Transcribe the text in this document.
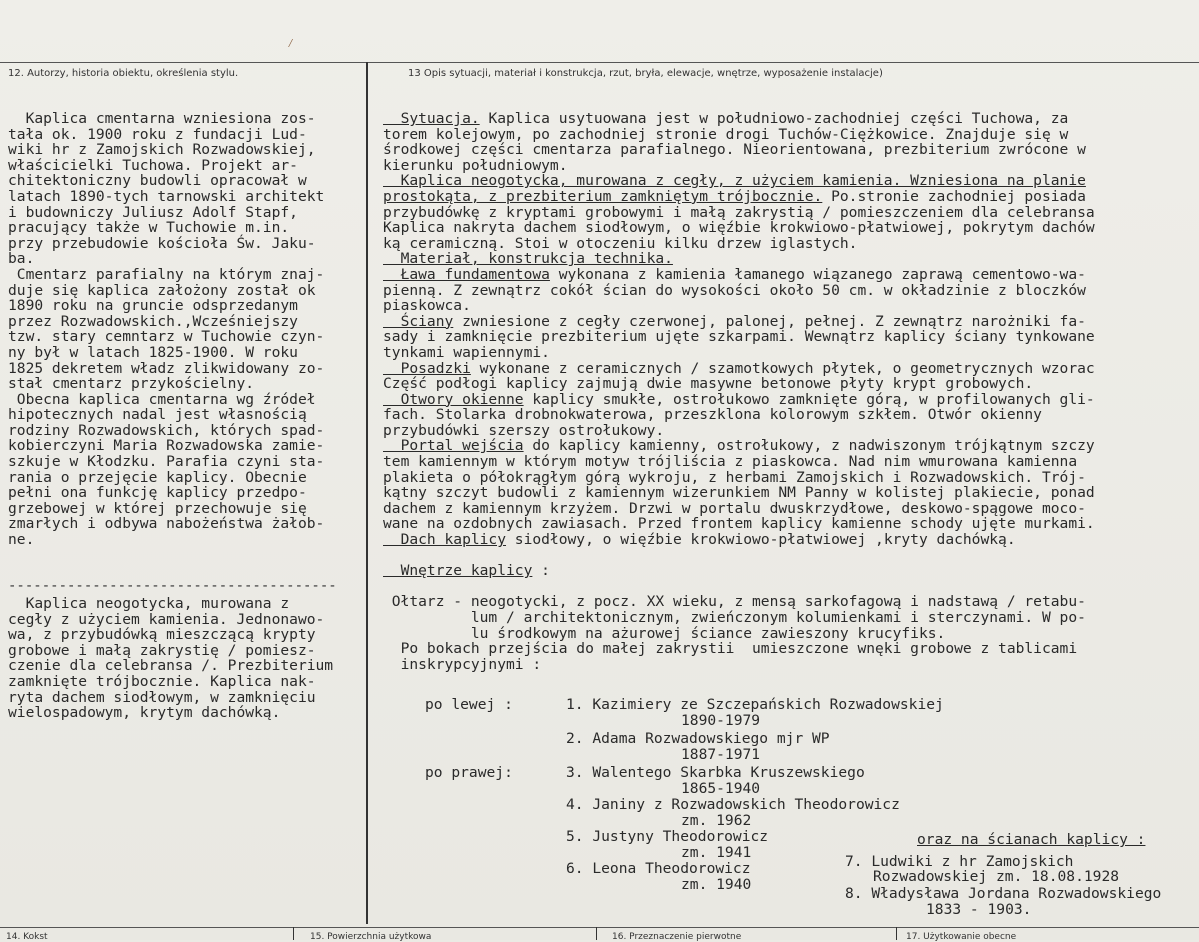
12. Autorzy, historia obiektu, określenia stylu.	13 Opis sytuacji, materiał i konstrukcja, rzut, bryła, elewacje, wnętrze, wyposażenie instalacje)
Kaplica cmentarna wzniesiona zos-
tała ok. 1900 roku z fundacji Lud-
wiki hr z Zamojskich Rozwadowskiej,
właścicielki Tuchowa. Projekt ar-
chitektoniczny budowli opracował w
latach 1890-tych tarnowski architekt
i budowniczy Juliusz Adolf Stapf,
pracujący także w Tuchowie m.in.
przy przebudowie kościoła Św. Jaku-
ba.
Cmentarz parafialny na którym znaj-
duje się kaplica założony został ok
1890 roku na gruncie odsprzedanym
przez Rozwadowskich.,Wcześniejszy
tzw. stary cemntarz w Tuchowie czyn-
ny był w latach 1825-1900. W roku
1825 dekretem władz zlikwidowany zo-
stał cmentarz przykościelny.
Obecna kaplica cmentarna wg źródeł
hipotecznych nadal jest własnością
rodziny Rozwadowskich, których spad-
kobierczyni Maria Rozwadowska zamie-
szkuje w Kłodzku. Parafia czyni sta-
rania o przejęcie kaplicy. Obecnie
pełni ona funkcję kaplicy przedpo-
grzebowej w której przechowuje się
zmarłych i odbywa nabożeństwa żałob-
ne.
---------------------------------------
Kaplica neogotycka, murowana z
cegły z użyciem kamienia. Jednonawo-
wa, z przybudówką mieszczącą krypty
grobowe i małą zakrystię / pomiesz-
czenie dla celebransa /. Prezbiterium
zamknięte trójbocznie. Kaplica nak-
ryta dachem siodłowym, w zamknięciu
wielospadowym, krytym dachówką.
Sytuacja. Kaplica usytuowana jest w południowo-zachodniej części Tuchowa, za
torem kolejowym, po zachodniej stronie drogi Tuchów-Ciężkowice. Znajduje się w
środkowej części cmentarza parafialnego. Nieorientowana, prezbiterium zwrócone w
kierunku południowym.
Kaplica neogotycka, murowana z cegły, z użyciem kamienia. Wzniesiona na planie
prostokąta, z prezbiterium zamkniętym trójbocznie. Po.stronie zachodniej posiada
przybudówkę z kryptami grobowymi i małą zakrystią / pomieszczeniem dla celebransa
Kaplica nakryta dachem siodłowym, o więźbie krokwiowo-płatwiowej, pokrytym dachów
ką ceramiczną. Stoi w otoczeniu kilku drzew iglastych.
Materiał, konstrukcja technika.
Ława fundamentowa wykonana z kamienia łamanego wiązanego zaprawą cementowo-wa-
pienną. Z zewnątrz cokół ścian do wysokości około 50 cm. w okładzinie z bloczków
piaskowca.
Ściany zwniesione z cegły czerwonej, palonej, pełnej. Z zewnątrz narożniki fa-
sady i zamknięcie prezbiterium ujęte szkarpami. Wewnątrz kaplicy ściany tynkowane
tynkami wapiennymi.
Posadzki wykonane z ceramicznych / szamotkowych płytek, o geometrycznych wzorac
Część podłogi kaplicy zajmują dwie masywne betonowe płyty krypt grobowych.
Otwory okienne kaplicy smukłe, ostrołukowo zamknięte górą, w profilowanych gli-
fach. Stolarka drobnokwaterowa, przeszklona kolorowym szkłem. Otwór okienny
przybudówki szerszy ostrołukowy.
Portal wejścia do kaplicy kamienny, ostrołukowy, z nadwiszonym trójkątnym szczy
tem kamiennym w którym motyw trójliścia z piaskowca. Nad nim wmurowana kamienna
plakieta o półokrągłym górą wykroju, z herbami Zamojskich i Rozwadowskich. Trój-
kątny szczyt budowli z kamiennym wizerunkiem NM Panny w kolistej plakiecie, ponad
dachem z kamiennym krzyżem. Drzwi w portalu dwuskrzydłowe, deskowo-spągowe moco-
wane na ozdobnych zawiasach. Przed frontem kaplicy kamienne schody ujęte murkami.
Dach kaplicy siodłowy, o więźbie krokwiowo-płatwiowej ,kryty dachówką.

Wnętrze kaplicy :

Ołtarz - neogotycki, z pocz. XX wieku, z mensą sarkofagową i nadstawą / retabu-
lum / architektonicznym, zwieńczonym kolumienkami i sterczynami. W po-
lu środkowym na ażurowej ściance zawieszony krucyfiks.
Po bokach przejścia do małej zakrystii  umieszczone wnęki grobowe z tablicami
inskrypcyjnymi :
po lewej :
po prawej:
oraz na ścianach kaplicy :
1. Kazimiery ze Szczepańskich Rozwadowskiej
1890-1979
2. Adama Rozwadowskiego mjr WP
1887-1971
3. Walentego Skarbka Kruszewskiego
1865-1940
4. Janiny z Rozwadowskich Theodorowicz
zm. 1962
5. Justyny Theodorowicz
zm. 1941
6. Leona Theodorowicz
zm. 1940
7. Ludwiki z hr Zamojskich
Rozwadowskiej zm. 18.08.1928
8. Władysława Jordana Rozwadowskiego
1833 - 1903.
14. Kokst	15. Powierzchnia użytkowa	16. Przeznaczenie pierwotne	17. Użytkowanie obecne
⁄
